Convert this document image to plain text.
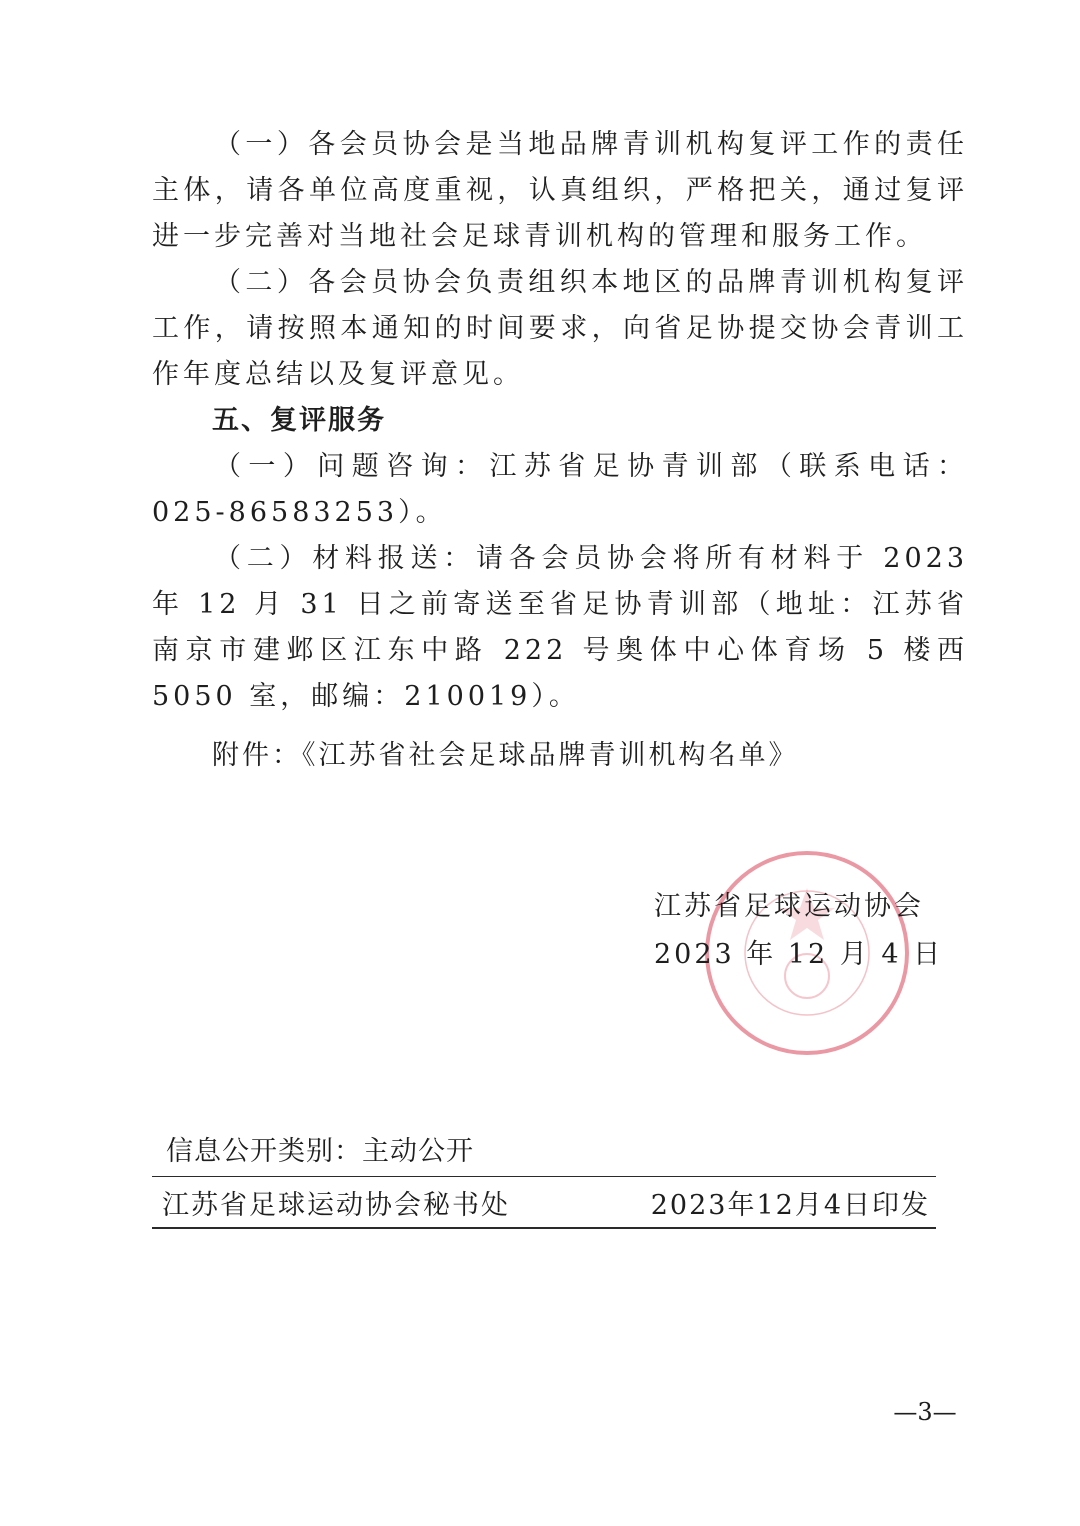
（一）各会员协会是当地品牌青训机构复评工作的责任主体，请各单位高度重视，认真组织，严格把关，通过复评进一步完善对当地社会足球青训机构的管理和服务工作。

（二）各会员协会负责组织本地区的品牌青训机构复评工作，请按照本通知的时间要求，向省足协提交协会青训工作年度总结以及复评意见。

五、复评服务

（一）问题咨询：江苏省足协青训部（联系电话：025-86583253）。

（二）材料报送：请各会员协会将所有材料于 2023 年 12 月 31 日之前寄送至省足协青训部（地址：江苏省南京市建邺区江东中路 222 号奥体中心体育场 5 楼西 5050 室，邮编：210019）。

附件：《江苏省社会足球品牌青训机构名单》
江苏省足球运动协会
2023 年 12 月 4 日
信息公开类别：主动公开
江苏省足球运动协会秘书处	2023年12月4日印发
—3—
